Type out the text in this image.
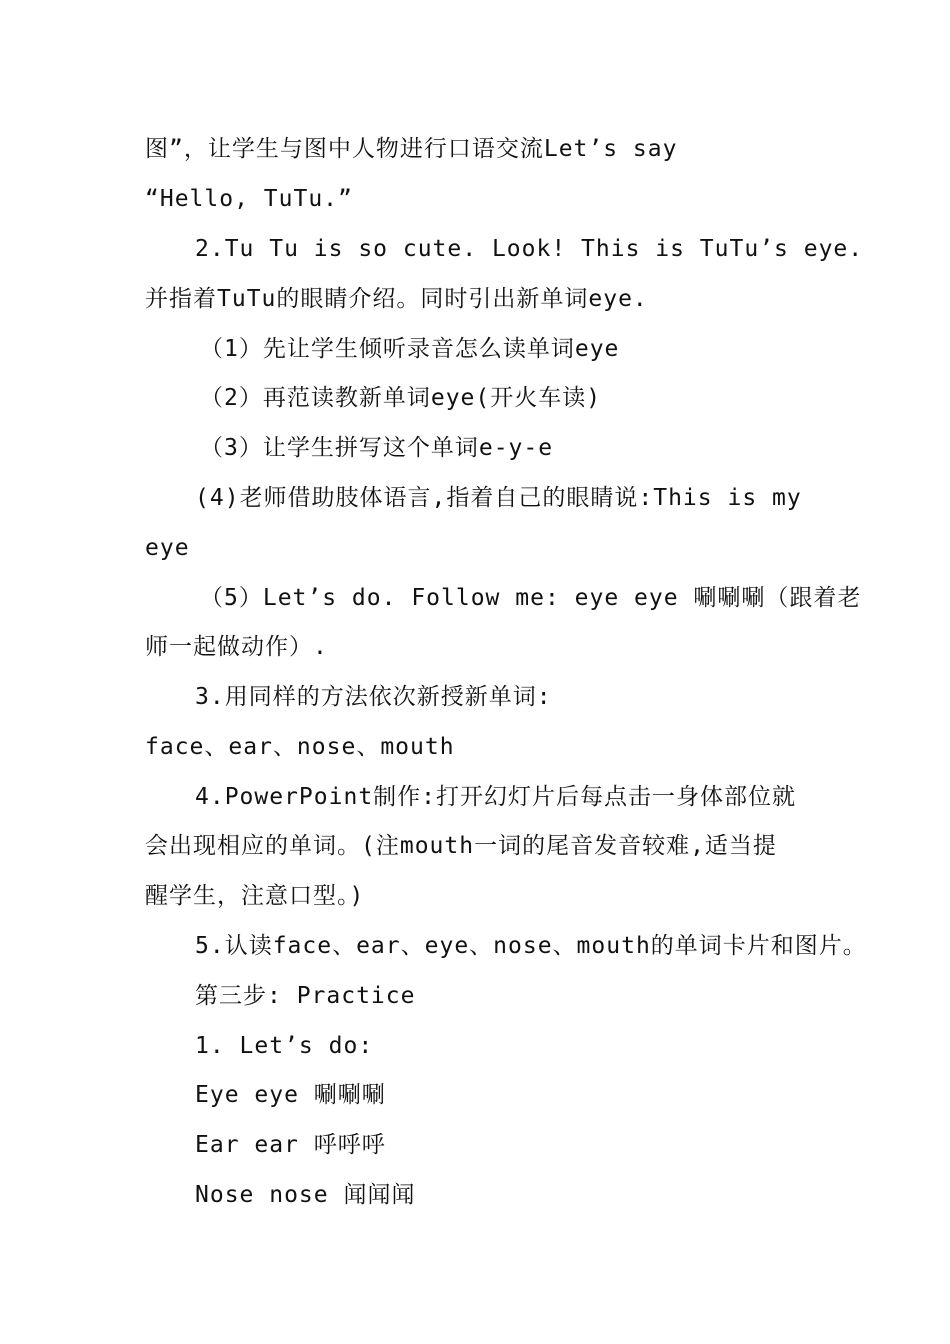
图”，让学生与图中人物进行口语交流Let’s say
“Hello, TuTu.”
2.Tu Tu is so cute. Look! This is TuTu’s eye.
并指着TuTu的眼睛介绍。同时引出新单词eye.
（1）先让学生倾听录音怎么读单词eye
（2）再范读教新单词eye(开火车读)
（3）让学生拼写这个单词e-y-e
(4)老师借助肢体语言,指着自己的眼睛说:This is my
eye
（5）Let’s do. Follow me: eye eye 唰唰唰（跟着老
师一起做动作）.
3.用同样的方法依次新授新单词:
face、ear、nose、mouth
4.PowerPoint制作:打开幻灯片后每点击一身体部位就
会出现相应的单词。(注mouth一词的尾音发音较难,适当提
醒学生，注意口型。)
5.认读face、ear、eye、nose、mouth的单词卡片和图片。
第三步: Practice
1. Let’s do:
Eye eye 唰唰唰
Ear ear 呼呼呼
Nose nose 闻闻闻
